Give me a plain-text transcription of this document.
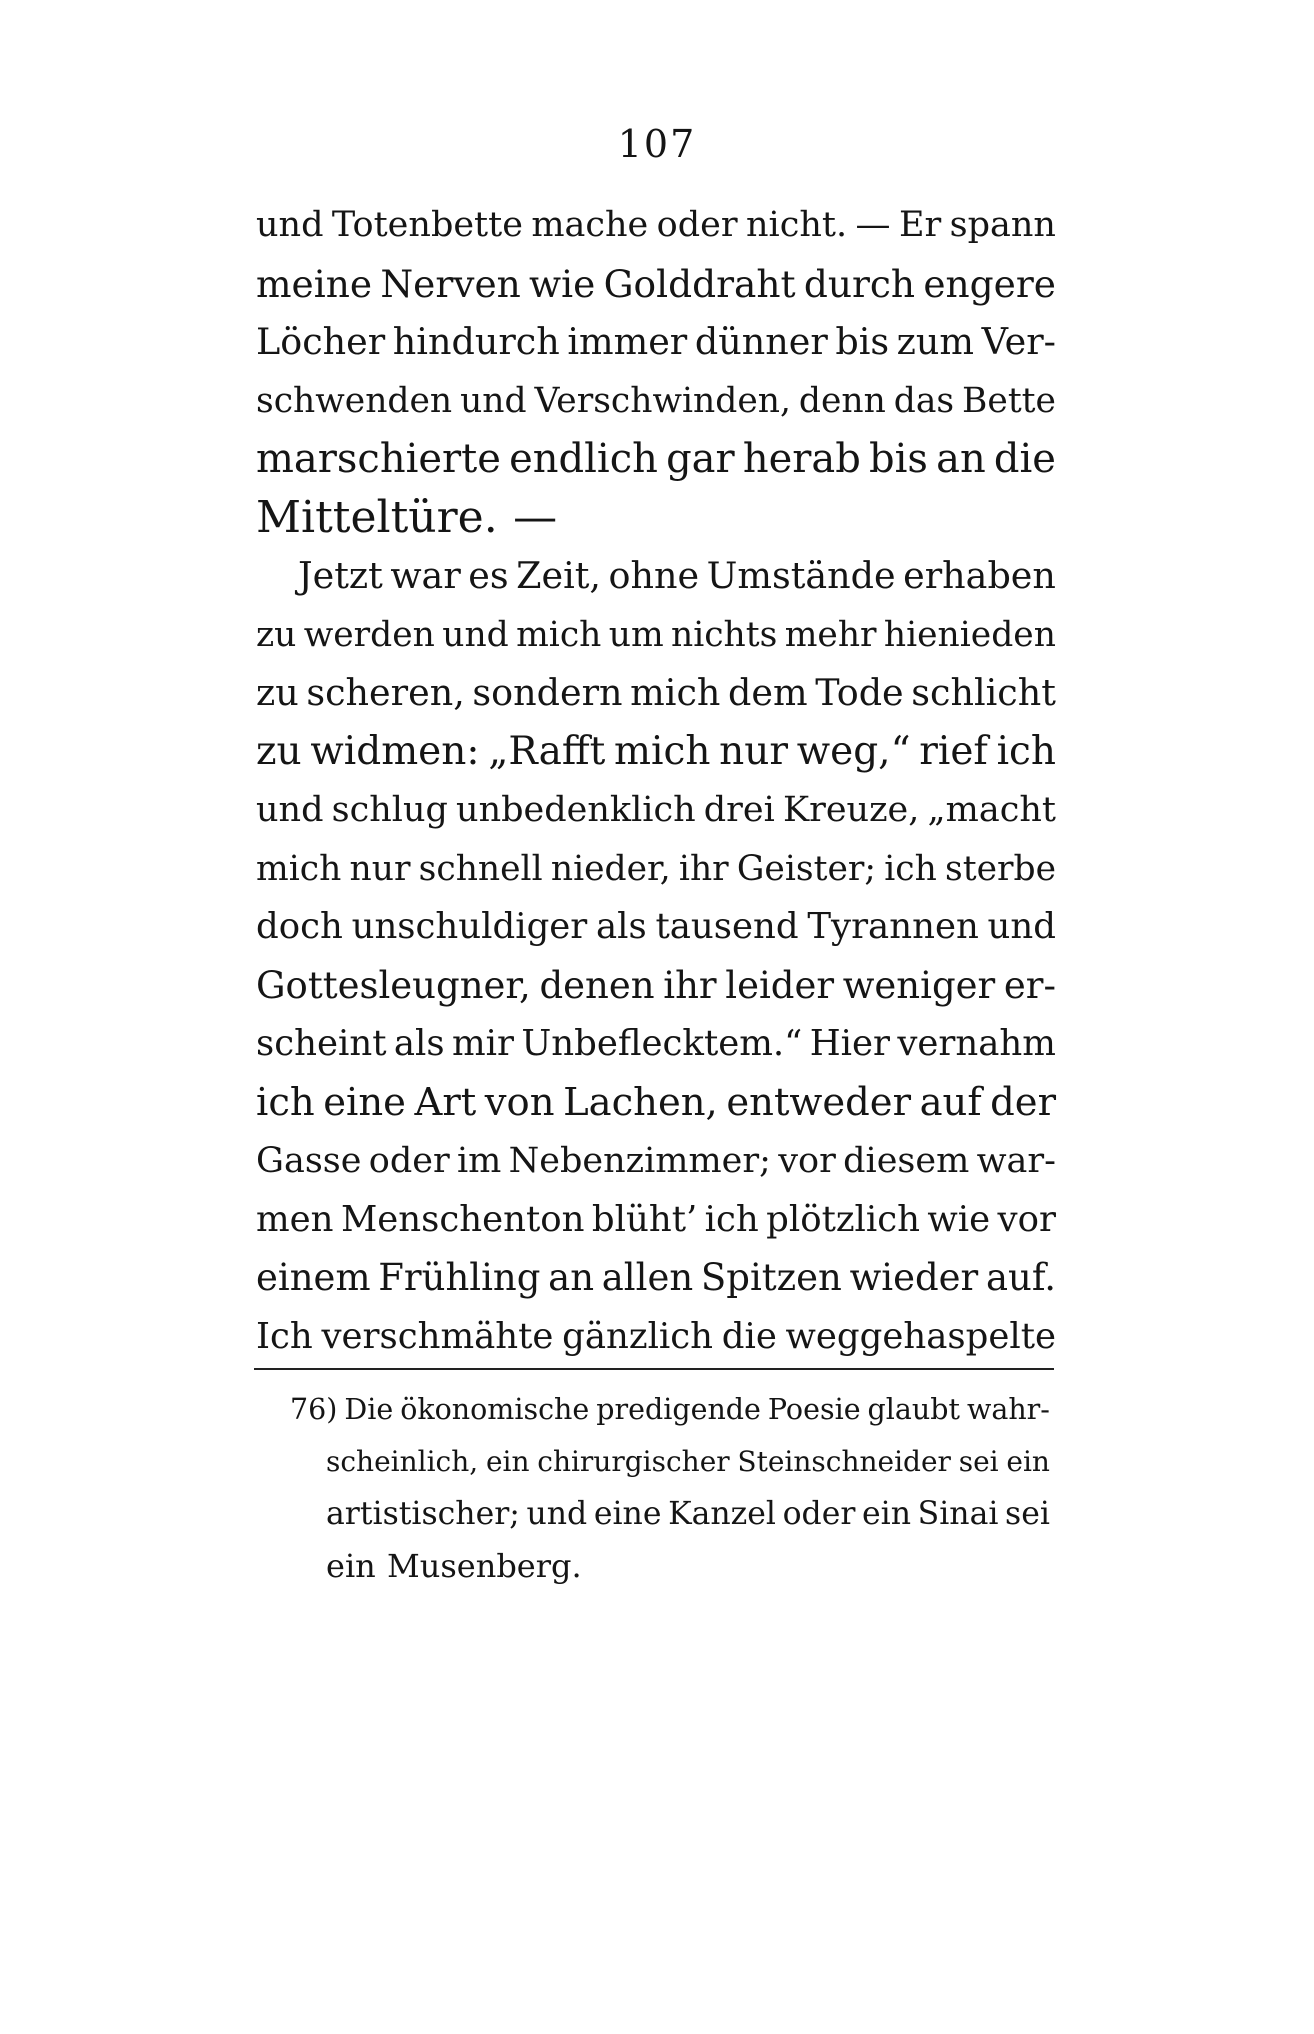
107
und Totenbette mache oder nicht. — Er spann
meine Nerven wie Golddraht durch engere
Löcher hindurch immer dünner bis zum Ver-
schwenden und Verschwinden, denn das Bette
marschierte endlich gar herab bis an die
Mitteltüre. —
Jetzt war es Zeit, ohne Umstände erhaben
zu werden und mich um nichts mehr hienieden
zu scheren, sondern mich dem Tode schlicht
zu widmen: „Rafft mich nur weg,“ rief ich
und schlug unbedenklich drei Kreuze, „macht
mich nur schnell nieder, ihr Geister; ich sterbe
doch unschuldiger als tausend Tyrannen und
Gottesleugner, denen ihr leider weniger er-
scheint als mir Unbeflecktem.“ Hier vernahm
ich eine Art von Lachen, entweder auf der
Gasse oder im Nebenzimmer; vor diesem war-
men Menschenton blüht’ ich plötzlich wie vor
einem Frühling an allen Spitzen wieder auf.
Ich verschmähte gänzlich die weggehaspelte
76) Die ökonomische predigende Poesie glaubt wahr-
scheinlich, ein chirurgischer Steinschneider sei ein
artistischer; und eine Kanzel oder ein Sinai sei
ein Musenberg.
